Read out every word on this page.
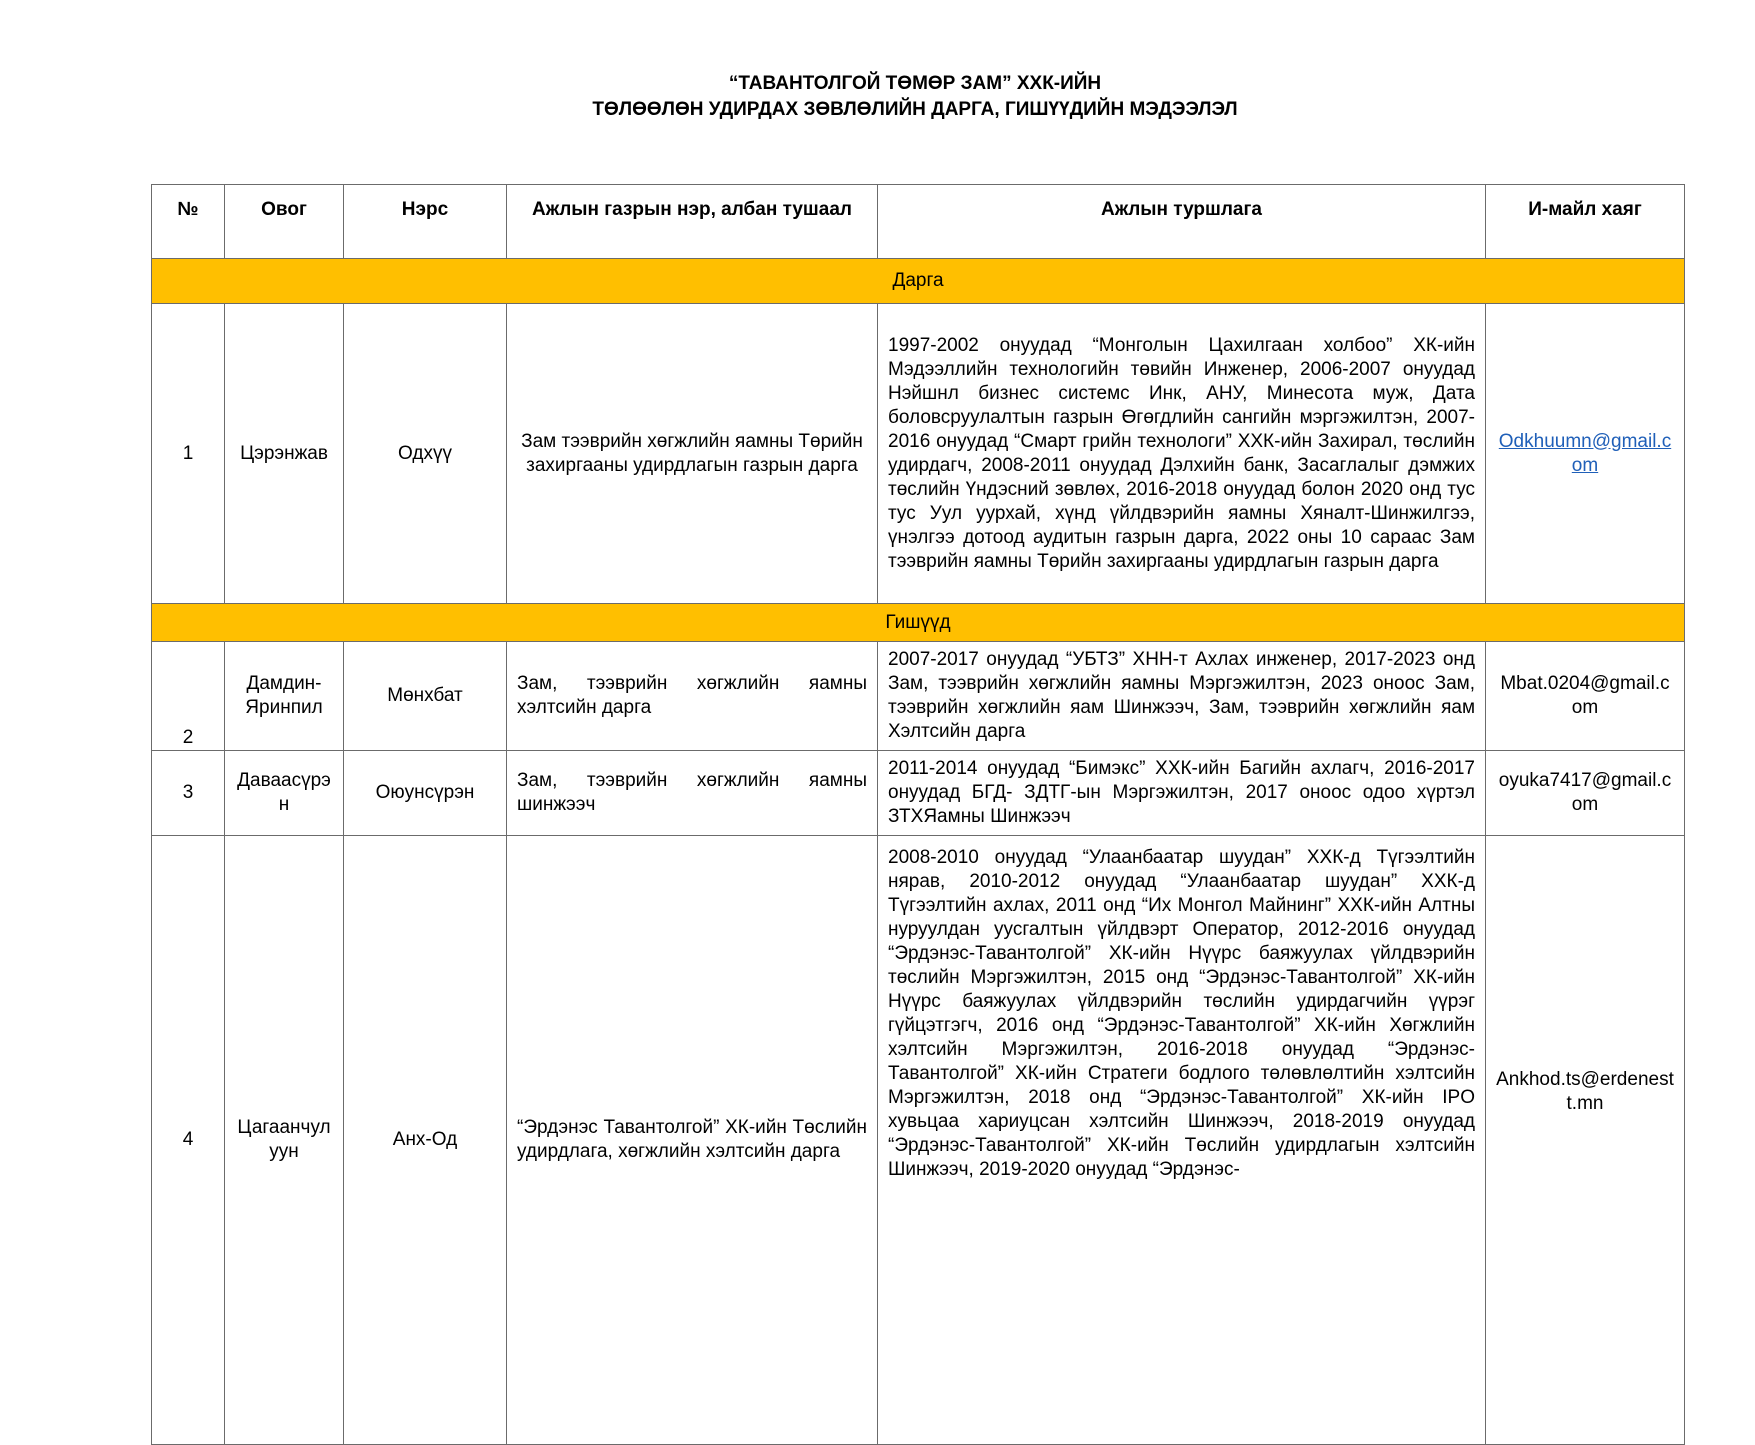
“ТАВАНТОЛГОЙ ТӨМӨР ЗАМ” ХХК-ИЙН
ТӨЛӨӨЛӨН УДИРДАХ ЗӨВЛӨЛИЙН ДАРГА, ГИШҮҮДИЙН МЭДЭЭЛЭЛ
№	Овог	Нэрс	Ажлын газрын нэр, албан тушаал	Ажлын туршлага	И-майл хаяг
Дарга					
1	Цэрэнжав	Одхүү	Зам тээврийн хөгжлийн яамны Төрийн захиргааны удирдлагын газрын дарга	1997-2002 онуудад “Монголын Цахилгаан холбоо” ХК-ийн Мэдээллийн технологийн төвийн Инженер, 2006-2007 онуудад Нэйшнл бизнес системс Инк, АНУ, Минесота муж, Дата боловсруулалтын газрын Өгөгдлийн сангийн мэргэжилтэн, 2007-2016 онуудад “Смарт грийн технологи” ХХК-ийн Захирал, төслийн удирдагч, 2008-2011 онуудад Дэлхийн банк, Засаглалыг дэмжих төслийн Үндэсний зөвлөх, 2016-2018 онуудад болон 2020 онд тус тус Уул уурхай, хүнд үйлдвэрийн яамны Хяналт-Шинжилгээ, үнэлгээ дотоод аудитын газрын дарга, 2022 оны 10 сараас Зам тээврийн яамны Төрийн захиргааны удирдлагын газрын дарга	Odkhuumn@gmail.com
Гишүүд					
2	Дамдин-Яринпил	Мөнхбат	Зам, тээврийн хөгжлийн яамны хэлтсийн дарга	2007-2017 онуудад “УБТЗ” ХНН-т Ахлах инженер, 2017-2023 онд Зам, тээврийн хөгжлийн яамны Мэргэжилтэн, 2023 оноос Зам, тээврийн хөгжлийн яам Шинжээч, Зам, тээврийн хөгжлийн яам Хэлтсийн дарга	Mbat.0204@gmail.com
3	Даваасүрэн	Оюунсүрэн	Зам, тээврийн хөгжлийн яамны шинжээч	2011-2014 онуудад “Бимэкс” ХХК-ийн Багийн ахлагч, 2016-2017 онуудад БГД- ЗДТГ-ын Мэргэжилтэн, 2017 оноос одоо хүртэл ЗТХЯамны Шинжээч	oyuka7417@gmail.com
4	Цагаанчулуун	Анх-Од	“Эрдэнэс Тавантолгой” ХК-ийн Төслийн удирдлага, хөгжлийн хэлтсийн дарга	2008-2010 онуудад “Улаанбаатар шуудан” ХХК-д Түгээлтийн нярав, 2010-2012 онуудад “Улаанбаатар шуудан” ХХК-д Түгээлтийн ахлах, 2011 онд “Их Монгол Майнинг” ХХК-ийн Алтны нуруулдан уусгалтын үйлдвэрт Оператор, 2012-2016 онуудад “Эрдэнэс-Тавантолгой” ХК-ийн Нүүрс баяжуулах үйлдвэрийн төслийн Мэргэжилтэн, 2015 онд “Эрдэнэс-Тавантолгой” ХК-ийн Нүүрс баяжуулах үйлдвэрийн төслийн удирдагчийн үүрэг гүйцэтгэгч, 2016 онд “Эрдэнэс-Тавантолгой” ХК-ийн Хөгжлийн хэлтсийн Мэргэжилтэн, 2016-2018 онуудад “Эрдэнэс-Тавантолгой” ХК-ийн Стратеги бодлого төлөвлөлтийн хэлтсийн Мэргэжилтэн, 2018 онд “Эрдэнэс-Тавантолгой” ХК-ийн IPO хувьцаа хариуцсан хэлтсийн Шинжээч, 2018-2019 онуудад “Эрдэнэс-Тавантолгой” ХК-ийн Төслийн удирдлагын хэлтсийн Шинжээч, 2019-2020 онуудад “Эрдэнэс-	Ankhod.ts@erdenestt.mn
